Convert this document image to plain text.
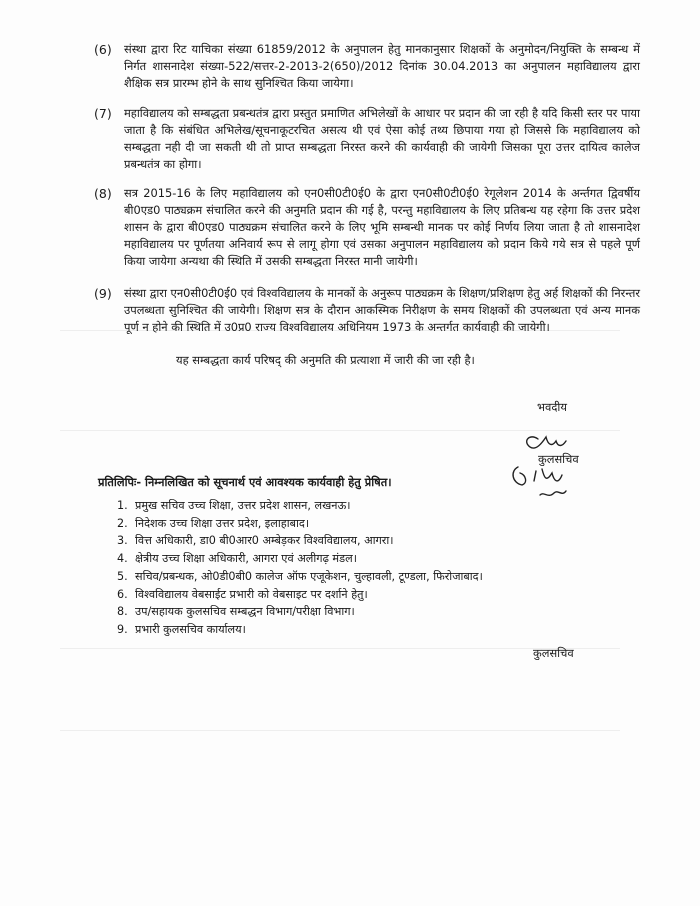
(6)	संस्था द्वारा रिट याचिका संख्या 61859/2012 के अनुपालन हेतु मानकानुसार शिक्षकों के अनुमोदन/नियुक्ति के सम्बन्ध में निर्गत शासनादेश संख्या-522/सत्तर-2-2013-2(650)/2012 दिनांक 30.04.2013 का अनुपालन महाविद्यालय द्वारा शैक्षिक सत्र प्रारम्भ होने के साथ सुनिश्चित किया जायेगा।
(7)	महाविद्यालय को सम्बद्धता प्रबन्धतंत्र द्वारा प्रस्तुत प्रमाणित अभिलेखों के आधार पर प्रदान की जा रही है यदि किसी स्तर पर पाया जाता है कि संबंधित अभिलेख/सूचनाकूटरचित असत्य थी एवं ऐसा कोई तथ्य छिपाया गया हो जिससे कि महाविद्यालय को सम्बद्धता नही दी जा सकती थी तो प्राप्त सम्बद्धता निरस्त करने की कार्यवाही की जायेगी जिसका पूरा उत्तर दायित्व कालेज प्रबन्धतंत्र का होगा।
(8)	सत्र 2015-16 के लिए महाविद्यालय को एन0सी0टी0ई0 के द्वारा एन0सी0टी0ई0 रेगूलेशन 2014 के अर्न्तगत द्विवर्षीय बी0एड0 पाठ्यक्रम संचालित करने की अनुमति प्रदान की गई है, परन्तु महाविद्यालय के लिए प्रतिबन्ध यह रहेगा कि उत्तर प्रदेश शासन के द्वारा बी0एड0 पाठ्यक्रम संचालित करने के लिए भूमि सम्बन्धी मानक पर कोई निर्णय लिया जाता है तो शासनादेश महाविद्यालय पर पूर्णतया अनिवार्य रूप से लागू होगा एवं उसका अनुपालन महाविद्यालय को प्रदान किये गये सत्र से पहले पूर्ण किया जायेगा अन्यथा की स्थिति में उसकी सम्बद्धता निरस्त मानी जायेगी।
(9)	संस्था द्वारा एन0सी0टी0ई0 एवं विश्वविद्यालय के मानकों के अनुरूप पाठ्यक्रम के शिक्षण/प्रशिक्षण हेतु अर्ह शिक्षकों की निरन्तर उपलब्धता सुनिश्चित की जायेगी। शिक्षण सत्र के दौरान आकस्मिक निरीक्षण के समय शिक्षकों की उपलब्धता एवं अन्य मानक पूर्ण न होने की स्थिति में उ0प्र0 राज्य विश्वविद्यालय अधिनियम 1973 के अन्तर्गत कार्यवाही की जायेगी।
यह सम्बद्धता कार्य परिषद् की अनुमति की प्रत्याशा में जारी की जा रही है।
भवदीय
कुलसचिव
प्रतिलिपिः- निम्नलिखित को सूचनार्थ एवं आवश्यक कार्यवाही हेतु प्रेषित।
1. प्रमुख सचिव उच्च शिक्षा, उत्तर प्रदेश शासन, लखनऊ।
2. निदेशक उच्च शिक्षा उत्तर प्रदेश, इलाहाबाद।
3. वित्त अधिकारी, डा0 बी0आर0 अम्बेड़कर विश्वविद्यालय, आगरा।
4. क्षेत्रीय उच्च शिक्षा अधिकारी, आगरा एवं अलीगढ़ मंडल।
5. सचिव/प्रबन्धक, ओ0डी0बी0 कालेज ऑफ एजूकेशन, चुल्हावली, टूण्डला, फिरोजाबाद।
6. विश्वविद्यालय वेबसाईट प्रभारी को वेबसाइट पर दर्शाने हेतु।
8. उप/सहायक कुलसचिव सम्बद्धन विभाग/परीक्षा विभाग।
9. प्रभारी कुलसचिव कार्यालय।
कुलसचिव
